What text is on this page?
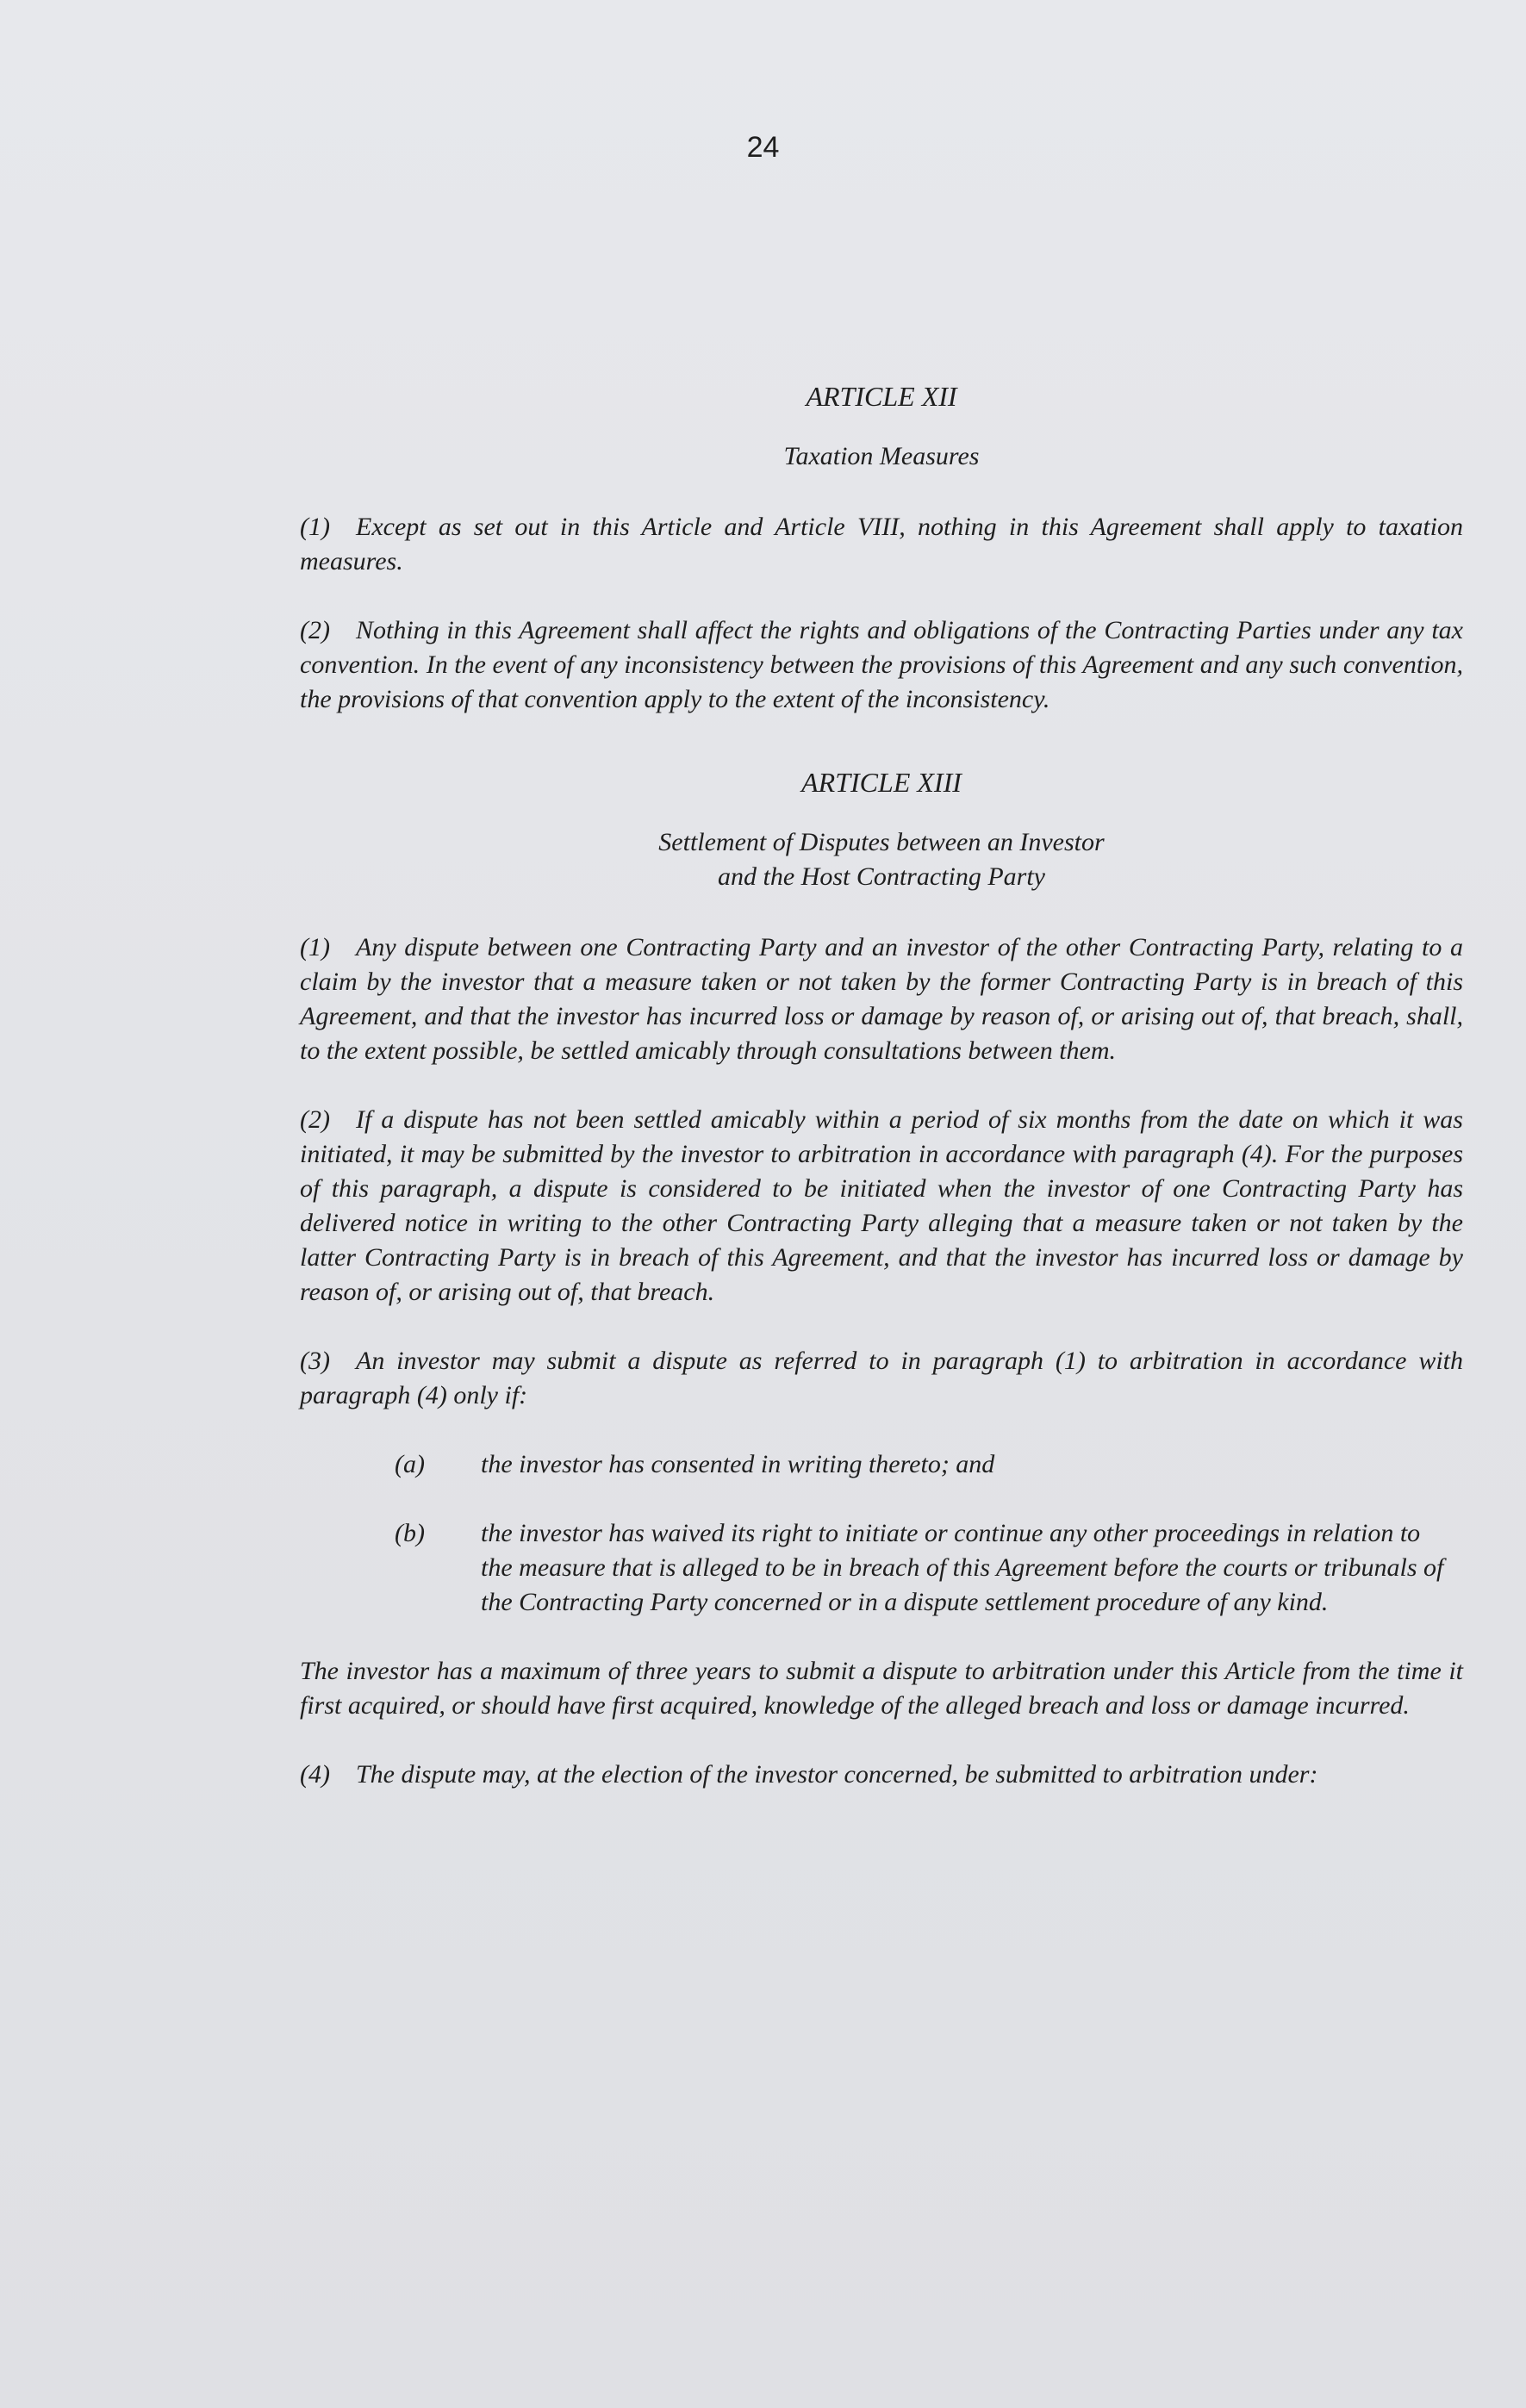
24

ARTICLE XII

Taxation Measures

(1) Except as set out in this Article and Article VIII, nothing in this Agreement shall apply to taxation measures.

(2) Nothing in this Agreement shall affect the rights and obligations of the Contracting Parties under any tax convention. In the event of any inconsistency between the provisions of this Agreement and any such convention, the provisions of that convention apply to the extent of the inconsistency.

ARTICLE XIII

Settlement of Disputes between an Investor
and the Host Contracting Party

(1) Any dispute between one Contracting Party and an investor of the other Contracting Party, relating to a claim by the investor that a measure taken or not taken by the former Contracting Party is in breach of this Agreement, and that the investor has incurred loss or damage by reason of, or arising out of, that breach, shall, to the extent possible, be settled amicably through consultations between them.

(2) If a dispute has not been settled amicably within a period of six months from the date on which it was initiated, it may be submitted by the investor to arbitration in accordance with paragraph (4). For the purposes of this paragraph, a dispute is considered to be initiated when the investor of one Contracting Party has delivered notice in writing to the other Contracting Party alleging that a measure taken or not taken by the latter Contracting Party is in breach of this Agreement, and that the investor has incurred loss or damage by reason of, or arising out of, that breach.

(3) An investor may submit a dispute as referred to in paragraph (1) to arbitration in accordance with paragraph (4) only if:

(a)	the investor has consented in writing thereto; and
(b)	the investor has waived its right to initiate or continue any other proceedings in relation to the measure that is alleged to be in breach of this Agreement before the courts or tribunals of the Contracting Party concerned or in a dispute settlement procedure of any kind.

The investor has a maximum of three years to submit a dispute to arbitration under this Article from the time it first acquired, or should have first acquired, knowledge of the alleged breach and loss or damage incurred.

(4) The dispute may, at the election of the investor concerned, be submitted to arbitration under:
